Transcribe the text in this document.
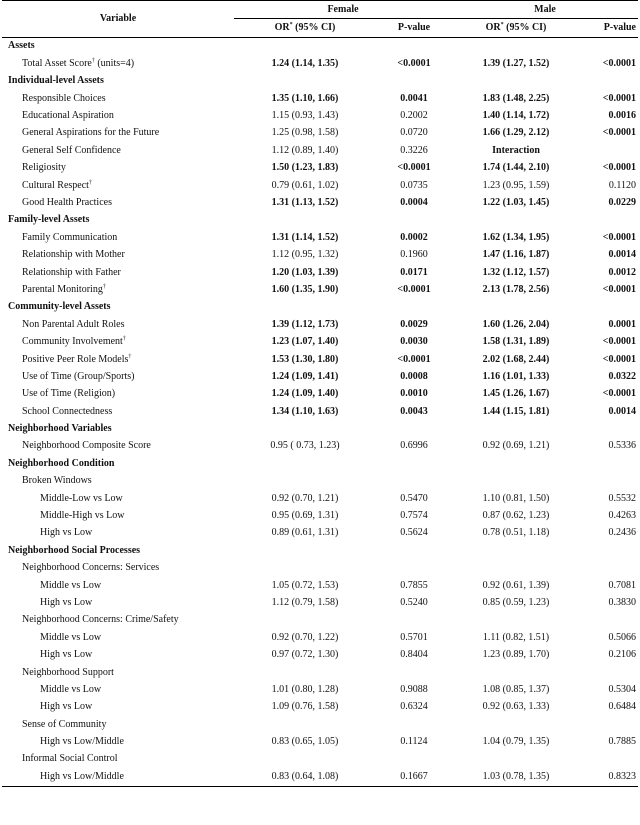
Variable	Female		Male	
	OR* (95% CI)	P-value	OR* (95% CI)	P-value
Assets				
Total Asset Score† (units=4)	1.24 (1.14, 1.35)	<0.0001	1.39 (1.27, 1.52)	<0.0001
Individual-level Assets				
Responsible Choices	1.35 (1.10, 1.66)	0.0041	1.83 (1.48, 2.25)	<0.0001
Educational Aspiration	1.15 (0.93, 1.43)	0.2002	1.40 (1.14, 1.72)	0.0016
General Aspirations for the Future	1.25 (0.98, 1.58)	0.0720	1.66 (1.29, 2.12)	<0.0001
General Self Confidence	1.12 (0.89, 1.40)	0.3226	Interaction	
Religiosity	1.50 (1.23, 1.83)	<0.0001	1.74 (1.44, 2.10)	<0.0001
Cultural Respect†	0.79 (0.61, 1.02)	0.0735	1.23 (0.95, 1.59)	0.1120
Good Health Practices	1.31 (1.13, 1.52)	0.0004	1.22 (1.03, 1.45)	0.0229
Family-level Assets				
Family Communication	1.31 (1.14, 1.52)	0.0002	1.62 (1.34, 1.95)	<0.0001
Relationship with Mother	1.12 (0.95, 1.32)	0.1960	1.47 (1.16, 1.87)	0.0014
Relationship with Father	1.20 (1.03, 1.39)	0.0171	1.32 (1.12, 1.57)	0.0012
Parental Monitoring†	1.60 (1.35, 1.90)	<0.0001	2.13 (1.78, 2.56)	<0.0001
Community-level Assets				
Non Parental Adult Roles	1.39 (1.12, 1.73)	0.0029	1.60 (1.26, 2.04)	0.0001
Community Involvement†	1.23 (1.07, 1.40)	0.0030	1.58 (1.31, 1.89)	<0.0001
Positive Peer Role Models†	1.53 (1.30, 1.80)	<0.0001	2.02 (1.68, 2.44)	<0.0001
Use of Time (Group/Sports)	1.24 (1.09, 1.41)	0.0008	1.16 (1.01, 1.33)	0.0322
Use of Time (Religion)	1.24 (1.09, 1.40)	0.0010	1.45 (1.26, 1.67)	<0.0001
School Connectedness	1.34 (1.10, 1.63)	0.0043	1.44 (1.15, 1.81)	0.0014
Neighborhood Variables				
Neighborhood Composite Score	0.95 ( 0.73, 1.23)	0.6996	0.92 (0.69, 1.21)	0.5336
Neighborhood Condition				
Broken Windows				
Middle-Low vs Low	0.92 (0.70, 1.21)	0.5470	1.10 (0.81, 1.50)	0.5532
Middle-High vs Low	0.95 (0.69, 1.31)	0.7574	0.87 (0.62, 1.23)	0.4263
High vs Low	0.89 (0.61, 1.31)	0.5624	0.78 (0.51, 1.18)	0.2436
Neighborhood Social Processes				
Neighborhood Concerns: Services				
Middle vs Low	1.05 (0.72, 1.53)	0.7855	0.92 (0.61, 1.39)	0.7081
High vs Low	1.12 (0.79, 1.58)	0.5240	0.85 (0.59, 1.23)	0.3830
Neighborhood Concerns: Crime/Safety				
Middle vs Low	0.92 (0.70, 1.22)	0.5701	1.11 (0.82, 1.51)	0.5066
High vs Low	0.97 (0.72, 1.30)	0.8404	1.23 (0.89, 1.70)	0.2106
Neighborhood Support				
Middle vs Low	1.01 (0.80, 1.28)	0.9088	1.08 (0.85, 1.37)	0.5304
High vs Low	1.09 (0.76, 1.58)	0.6324	0.92 (0.63, 1.33)	0.6484
Sense of Community				
High vs Low/Middle	0.83 (0.65, 1.05)	0.1124	1.04 (0.79, 1.35)	0.7885
Informal Social Control				
High vs Low/Middle	0.83 (0.64, 1.08)	0.1667	1.03 (0.78, 1.35)	0.8323
